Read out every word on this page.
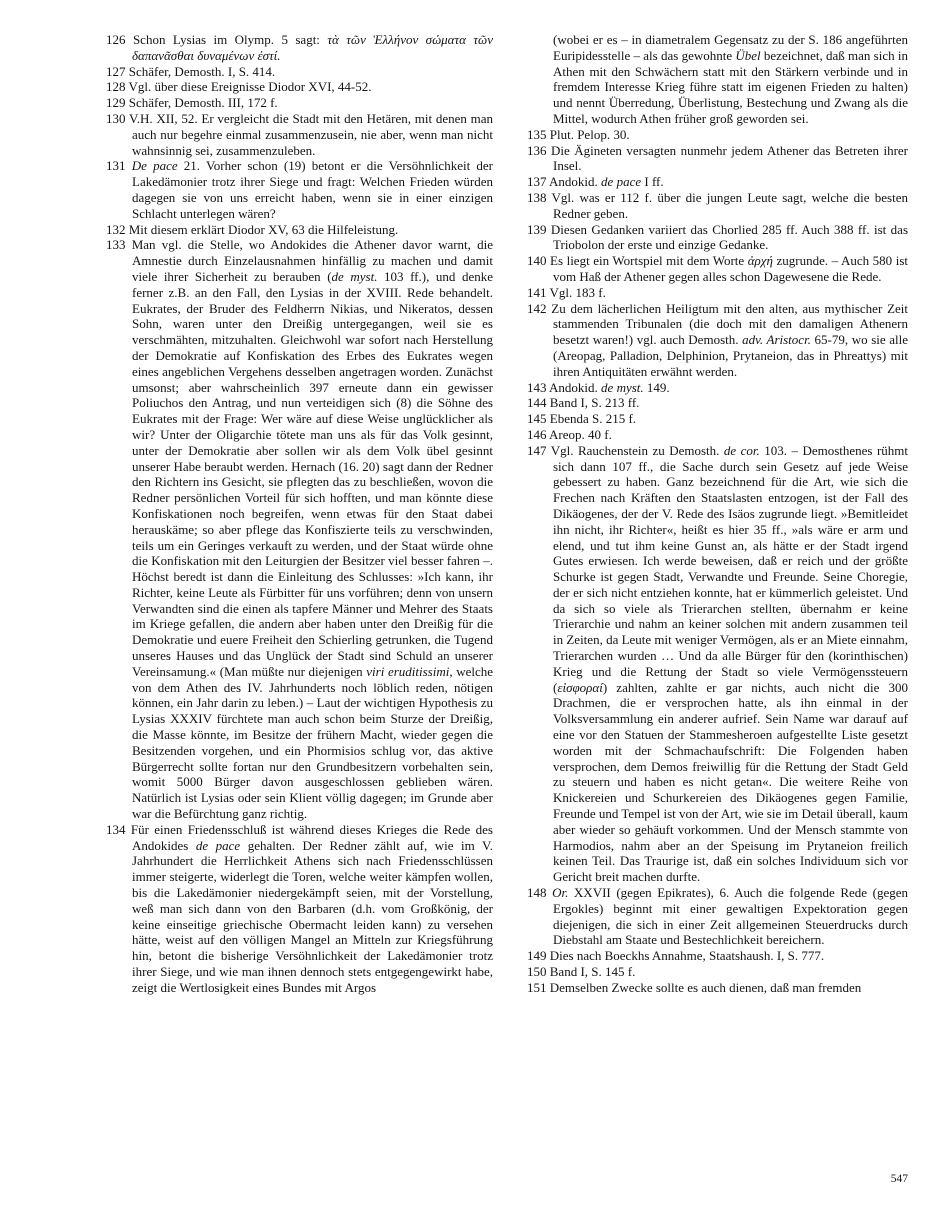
126 Schon Lysias im Olymp. 5 sagt: τὰ τῶν Ἑλλήνον σώματα τῶν δαπανᾶσθαι δυναμένων ἐστί.
127 Schäfer, Demosth. I, S. 414.
128 Vgl. über diese Ereignisse Diodor XVI, 44-52.
129 Schäfer, Demosth. III, 172 f.
130 V.H. XII, 52. Er vergleicht die Stadt mit den Hetären, mit denen man auch nur begehre einmal zusammenzusein, nie aber, wenn man nicht wahnsinnig sei, zusammenzuleben.
131 De pace 21. Vorher schon (19) betont er die Versöhnlichkeit der Lakedämonier trotz ihrer Siege und fragt: Welchen Frieden würden dagegen sie von uns erreicht haben, wenn sie in einer einzigen Schlacht unterlegen wären?
132 Mit diesem erklärt Diodor XV, 63 die Hilfeleistung.
133 Man vgl. die Stelle, wo Andokides die Athener davor warnt, die Amnestie durch Einzelausnahmen hinfällig zu machen und damit viele ihrer Sicherheit zu berauben (de myst. 103 ff.), und denke ferner z.B. an den Fall, den Lysias in der XVIII. Rede behandelt. Eukrates, der Bruder des Feldherrn Nikias, und Nikeratos, dessen Sohn, waren unter den Dreißig untergegangen, weil sie es verschmähten, mitzuhalten. Gleichwohl war sofort nach Herstellung der Demokratie auf Konfiskation des Erbes des Eukrates wegen eines angeblichen Vergehens desselben angetragen worden. Zunächst umsonst; aber wahrscheinlich 397 erneute dann ein gewisser Poliuchos den Antrag, und nun verteidigen sich (8) die Söhne des Eukrates mit der Frage: Wer wäre auf diese Weise unglücklicher als wir? Unter der Oligarchie tötete man uns als für das Volk gesinnt, unter der Demokratie aber sollen wir als dem Volk übel gesinnt unserer Habe beraubt werden. Hernach (16. 20) sagt dann der Redner den Richtern ins Gesicht, sie pflegten das zu beschließen, wovon die Redner persönlichen Vorteil für sich hofften, und man könnte diese Konfiskationen noch begreifen, wenn etwas für den Staat dabei herauskäme; so aber pflege das Konfiszierte teils zu verschwinden, teils um ein Geringes verkauft zu werden, und der Staat würde ohne die Konfiskation mit den Leiturgien der Besitzer viel besser fahren –. Höchst beredt ist dann die Einleitung des Schlusses: »Ich kann, ihr Richter, keine Leute als Fürbitter für uns vorführen; denn von unsern Verwandten sind die einen als tapfere Männer und Mehrer des Staats im Kriege gefallen, die andern aber haben unter den Dreißig für die Demokratie und euere Freiheit den Schierling getrunken, die Tugend unseres Hauses und das Unglück der Stadt sind Schuld an unserer Vereinsamung.« (Man müßte nur diejenigen viri eruditissimi, welche von dem Athen des IV. Jahrhunderts noch löblich reden, nötigen können, ein Jahr darin zu leben.) – Laut der wichtigen Hypothesis zu Lysias XXXIV fürchtete man auch schon beim Sturze der Dreißig, die Masse könnte, im Besitze der frühern Macht, wieder gegen die Besitzenden vorgehen, und ein Phormisios schlug vor, das aktive Bürgerrecht sollte fortan nur den Grundbesitzern vorbehalten sein, womit 5000 Bürger davon ausgeschlossen geblieben wären. Natürlich ist Lysias oder sein Klient völlig dagegen; im Grunde aber war die Befürchtung ganz richtig.
134 Für einen Friedensschluß ist während dieses Krieges die Rede des Andokides de pace gehalten. Der Redner zählt auf, wie im V. Jahrhundert die Herrlichkeit Athens sich nach Friedensschlüssen immer steigerte, widerlegt die Toren, welche weiter kämpfen wollen, bis die Lakedämonier niedergekämpft seien, mit der Vorstellung, weß man sich dann von den Barbaren (d.h. vom Großkönig, der keine einseitige griechische Obermacht leiden kann) zu versehen hätte, weist auf den völligen Mangel an Mitteln zur Kriegsführung hin, betont die bisherige Versöhnlichkeit der Lakedämonier trotz ihrer Siege, und wie man ihnen dennoch stets entgegengewirkt habe, zeigt die Wertlosigkeit eines Bundes mit Argos
(wobei er es – in diametralem Gegensatz zu der S. 186 angeführten Euripidesstelle – als das gewohnte Übel bezeichnet, daß man sich in Athen mit den Schwächern statt mit den Stärkern verbinde und in fremdem Interesse Krieg führe statt im eigenen Frieden zu halten) und nennt Überredung, Überlistung, Bestechung und Zwang als die Mittel, wodurch Athen früher groß geworden sei.
135 Plut. Pelop. 30.
136 Die Ägineten versagten nunmehr jedem Athener das Betreten ihrer Insel.
137 Andokid. de pace I ff.
138 Vgl. was er 112 f. über die jungen Leute sagt, welche die besten Redner geben.
139 Diesen Gedanken variiert das Chorlied 285 ff. Auch 388 ff. ist das Triobolon der erste und einzige Gedanke.
140 Es liegt ein Wortspiel mit dem Worte ἀρχή zugrunde. – Auch 580 ist vom Haß der Athener gegen alles schon Dagewesene die Rede.
141 Vgl. 183 f.
142 Zu dem lächerlichen Heiligtum mit den alten, aus mythischer Zeit stammenden Tribunalen (die doch mit den damaligen Athenern besetzt waren!) vgl. auch Demosth. adv. Aristocr. 65-79, wo sie alle (Areopag, Palladion, Delphinion, Prytaneion, das in Phreattys) mit ihren Antiquitäten erwähnt werden.
143 Andokid. de myst. 149.
144 Band I, S. 213 ff.
145 Ebenda S. 215 f.
146 Areop. 40 f.
147 Vgl. Rauchenstein zu Demosth. de cor. 103. – Demosthenes rühmt sich dann 107 ff., die Sache durch sein Gesetz auf jede Weise gebessert zu haben. Ganz bezeichnend für die Art, wie sich die Frechen nach Kräften den Staatslasten entzogen, ist der Fall des Dikäogenes, der der V. Rede des Isäos zugrunde liegt. »Bemitleidet ihn nicht, ihr Richter«, heißt es hier 35 ff., »als wäre er arm und elend, und tut ihm keine Gunst an, als hätte er der Stadt irgend Gutes erwiesen. Ich werde beweisen, daß er reich und der größte Schurke ist gegen Stadt, Verwandte und Freunde. Seine Choregie, der er sich nicht entziehen konnte, hat er kümmerlich geleistet. Und da sich so viele als Trierarchen stellten, übernahm er keine Trierarchie und nahm an keiner solchen mit andern zusammen teil in Zeiten, da Leute mit weniger Vermögen, als er an Miete einnahm, Trierarchen wurden … Und da alle Bürger für den (korinthischen) Krieg und die Rettung der Stadt so viele Vermögenssteuern (εἰσφοραί) zahlten, zahlte er gar nichts, auch nicht die 300 Drachmen, die er versprochen hatte, als ihn einmal in der Volksversammlung ein anderer aufrief. Sein Name war darauf auf eine vor den Statuen der Stammesheroen aufgestellte Liste gesetzt worden mit der Schmachaufschrift: Die Folgenden haben versprochen, dem Demos freiwillig für die Rettung der Stadt Geld zu steuern und haben es nicht getan«. Die weitere Reihe von Knickereien und Schurkereien des Dikäogenes gegen Familie, Freunde und Tempel ist von der Art, wie sie im Detail überall, kaum aber wieder so gehäuft vorkommen. Und der Mensch stammte von Harmodios, nahm aber an der Speisung im Prytaneion freilich keinen Teil. Das Traurige ist, daß ein solches Individuum sich vor Gericht breit machen durfte.
148 Or. XXVII (gegen Epikrates), 6. Auch die folgende Rede (gegen Ergokles) beginnt mit einer gewaltigen Expektoration gegen diejenigen, die sich in einer Zeit allgemeinen Steuerdrucks durch Diebstahl am Staate und Bestechlichkeit bereichern.
149 Dies nach Boeckhs Annahme, Staatshaush. I, S. 777.
150 Band I, S. 145 f.
151 Demselben Zwecke sollte es auch dienen, daß man fremden
547
